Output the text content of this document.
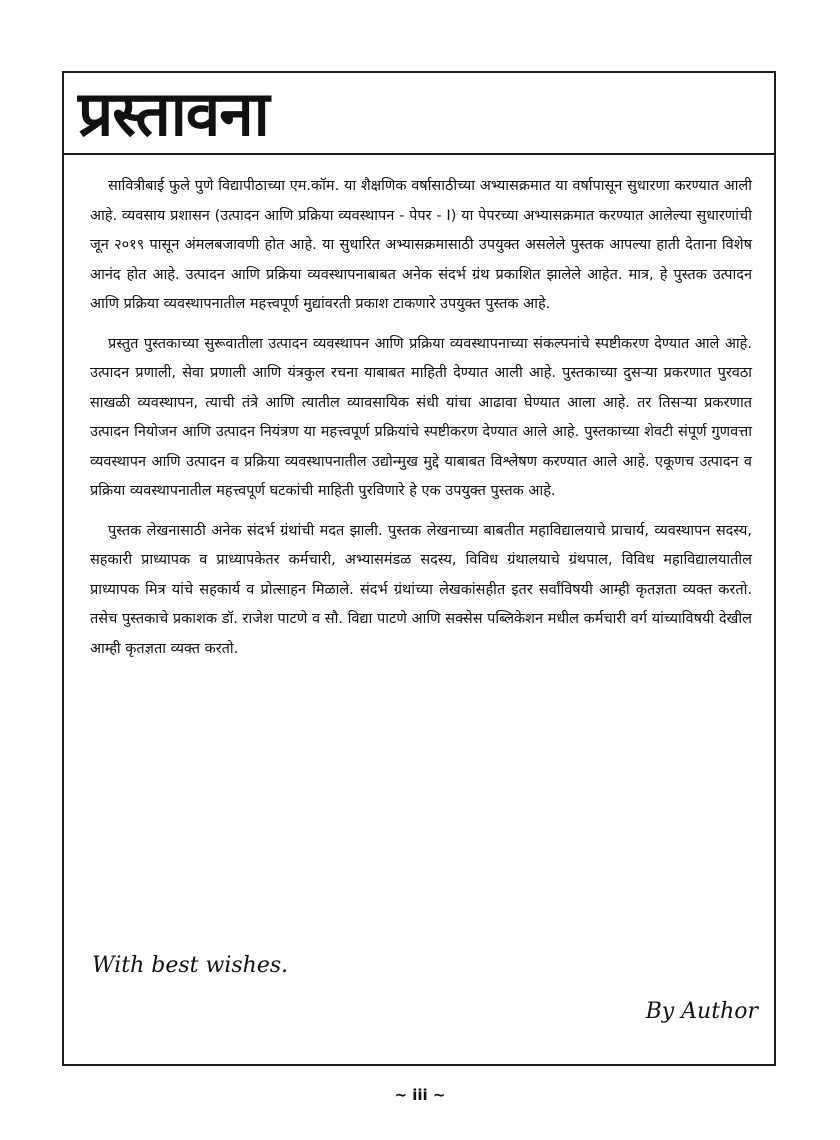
प्रस्तावना

सावित्रीबाई फुले पुणे विद्यापीठाच्या एम.कॉम. या शैक्षणिक वर्षासाठीच्या अभ्यासक्रमात या वर्षापासून सुधारणा करण्यात आली आहे. व्यवसाय प्रशासन (उत्पादन आणि प्रक्रिया व्यवस्थापन - पेपर - I) या पेपरच्या अभ्यासक्रमात करण्यात आलेल्या सुधारणांची जून २०१९ पासून अंमलबजावणी होत आहे. या सुधारित अभ्यासक्रमासाठी उपयुक्त असलेले पुस्तक आपल्या हाती देताना विशेष आनंद होत आहे. उत्पादन आणि प्रक्रिया व्यवस्थापनाबाबत अनेक संदर्भ ग्रंथ प्रकाशित झालेले आहेत. मात्र, हे पुस्तक उत्पादन आणि प्रक्रिया व्यवस्थापनातील महत्त्वपूर्ण मुद्यांवरती प्रकाश टाकणारे उपयुक्त पुस्तक आहे.

प्रस्तुत पुस्तकाच्या सुरूवातीला उत्पादन व्यवस्थापन आणि प्रक्रिया व्यवस्थापनाच्या संकल्पनांचे स्पष्टीकरण देण्यात आले आहे. उत्पादन प्रणाली, सेवा प्रणाली आणि यंत्रकुल रचना याबाबत माहिती देण्यात आली आहे. पुस्तकाच्या दुसऱ्या प्रकरणात पुरवठा साखळी व्यवस्थापन, त्याची तंत्रे आणि त्यातील व्यावसायिक संधी यांचा आढावा घेण्यात आला आहे. तर तिसऱ्या प्रकरणात उत्पादन नियोजन आणि उत्पादन नियंत्रण या महत्त्वपूर्ण प्रक्रियांचे स्पष्टीकरण देण्यात आले आहे. पुस्तकाच्या शेवटी संपूर्ण गुणवत्ता व्यवस्थापन आणि उत्पादन व प्रक्रिया व्यवस्थापनातील उद्योन्मुख मुद्दे याबाबत विश्लेषण करण्यात आले आहे. एकूणच उत्पादन व प्रक्रिया व्यवस्थापनातील महत्त्वपूर्ण घटकांची माहिती पुरविणारे हे एक उपयुक्त पुस्तक आहे.

पुस्तक लेखनासाठी अनेक संदर्भ ग्रंथांची मदत झाली. पुस्तक लेखनाच्या बाबतीत महाविद्यालयाचे प्राचार्य, व्यवस्थापन सदस्य, सहकारी प्राध्यापक व प्राध्यापकेतर कर्मचारी, अभ्यासमंडळ सदस्य, विविध ग्रंथालयाचे ग्रंथपाल, विविध महाविद्यालयातील प्राध्यापक मित्र यांचे सहकार्य व प्रोत्साहन मिळाले. संदर्भ ग्रंथांच्या लेखकांसहीत इतर सर्वांविषयी आम्ही कृतज्ञता व्यक्त करतो. तसेच पुस्तकाचे प्रकाशक डॉ. राजेश पाटणे व सौ. विद्या पाटणे आणि सक्सेस पब्लिकेशन मधील कर्मचारी वर्ग यांच्याविषयी देखील आम्ही कृतज्ञता व्यक्त करतो.

With best wishes.

By Author

~ iii ~
